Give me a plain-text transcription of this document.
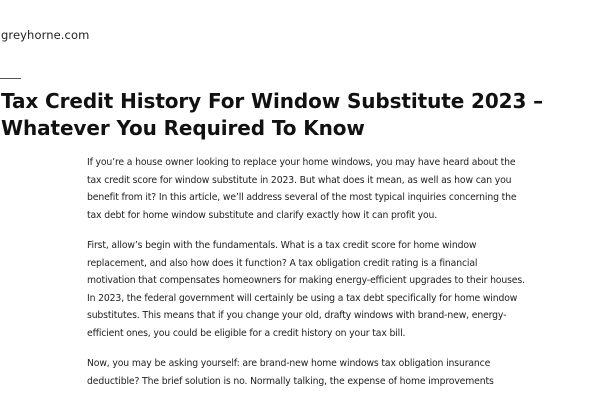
greyhorne.com
Tax Credit History For Window Substitute 2023 – Whatever You Required To Know

If you’re a house owner looking to replace your home windows, you may have heard about the tax credit score for window substitute in 2023. But what does it mean, as well as how can you benefit from it? In this article, we’ll address several of the most typical inquiries concerning the tax debt for home window substitute and clarify exactly how it can profit you.

First, allow’s begin with the fundamentals. What is a tax credit score for home window replacement, and also how does it function? A tax obligation credit rating is a financial motivation that compensates homeowners for making energy-efficient upgrades to their houses. In 2023, the federal government will certainly be using a tax debt specifically for home window substitutes. This means that if you change your old, drafty windows with brand-new, energy-efficient ones, you could be eligible for a credit history on your tax bill.

Now, you may be asking yourself: are brand-new home windows tax obligation insurance deductible? The brief solution is no. Normally talking, the expense of home improvements
